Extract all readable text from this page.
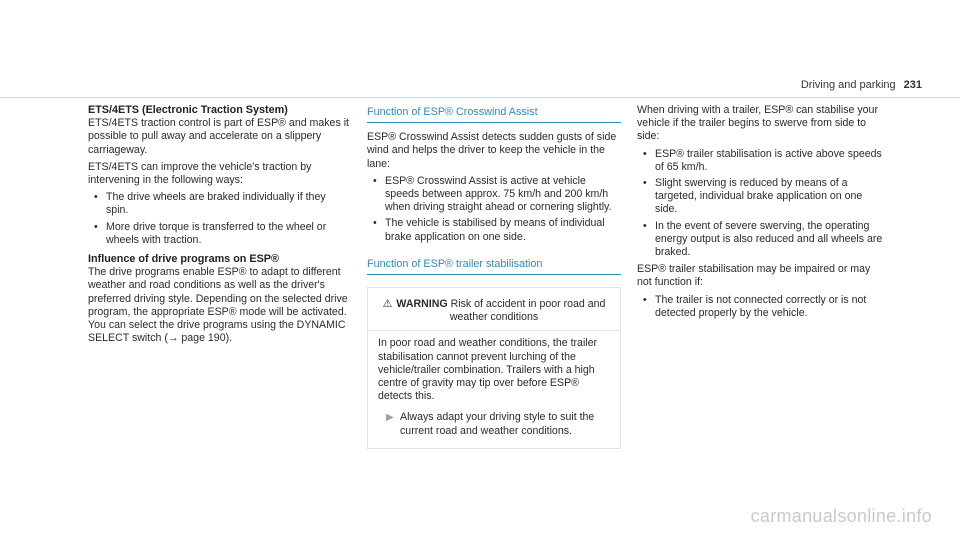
Driving and parking 231
ETS/4ETS (Electronic Traction System)

ETS/4ETS traction control is part of ESP® and makes it possible to pull away and accelerate on a slippery carriageway.

ETS/4ETS can improve the vehicle's traction by intervening in the following ways:

• The drive wheels are braked individually if they spin.
• More drive torque is transferred to the wheel or wheels with traction.
Influence of drive programs on ESP®

The drive programs enable ESP® to adapt to different weather and road conditions as well as the driver's preferred driving style. Depending on the selected drive program, the appropriate ESP® mode will be activated. You can select the drive programs using the DYNAMIC SELECT switch (→ page 190).

Function of ESP® Crosswind Assist

ESP® Crosswind Assist detects sudden gusts of side wind and helps the driver to keep the vehicle in the lane:

• ESP® Crosswind Assist is active at vehicle speeds between approx. 75 km/h and 200 km/h when driving straight ahead or cornering slightly.
• The vehicle is stabilised by means of individual brake application on one side.
Function of ESP® trailer stabilisation
⚠ WARNING Risk of accident in poor road and weather conditions

In poor road and weather conditions, the trailer stabilisation cannot prevent lurching of the vehicle/trailer combination. Trailers with a high centre of gravity may tip over before ESP® detects this.

▶ Always adapt your driving style to suit the current road and weather conditions.

When driving with a trailer, ESP® can stabilise your vehicle if the trailer begins to swerve from side to side:

• ESP® trailer stabilisation is active above speeds of 65 km/h.
• Slight swerving is reduced by means of a targeted, individual brake application on one side.
• In the event of severe swerving, the operating energy output is also reduced and all wheels are braked.

ESP® trailer stabilisation may be impaired or may not function if:

• The trailer is not connected correctly or is not detected properly by the vehicle.
carmanualsonline.info
